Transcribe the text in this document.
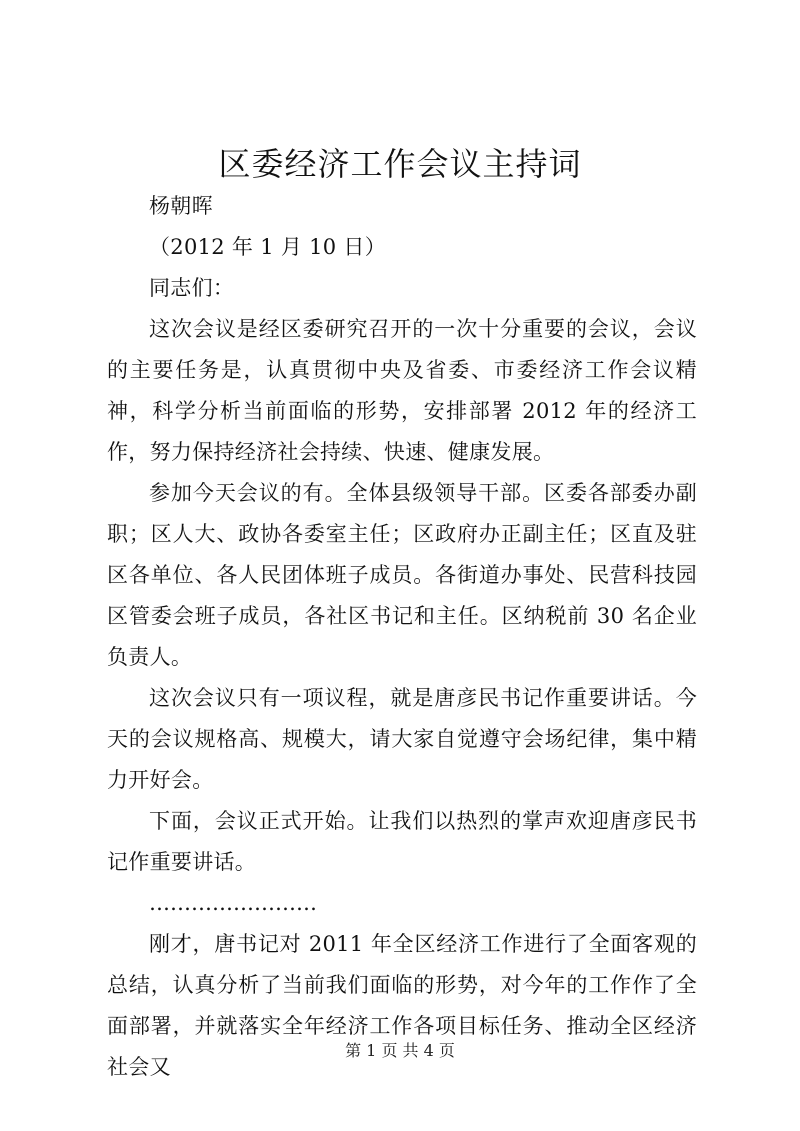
区委经济工作会议主持词

杨朝晖

（2012 年 1 月 10 日）

同志们：

这次会议是经区委研究召开的一次十分重要的会议，会议的主要任务是，认真贯彻中央及省委、市委经济工作会议精神，科学分析当前面临的形势，安排部署 2012 年的经济工作，努力保持经济社会持续、快速、健康发展。

参加今天会议的有。全体县级领导干部。区委各部委办副职；区人大、政协各委室主任；区政府办正副主任；区直及驻区各单位、各人民团体班子成员。各街道办事处、民营科技园区管委会班子成员，各社区书记和主任。区纳税前 30 名企业负责人。

这次会议只有一项议程，就是唐彦民书记作重要讲话。今天的会议规格高、规模大，请大家自觉遵守会场纪律，集中精力开好会。

下面，会议正式开始。让我们以热烈的掌声欢迎唐彦民书记作重要讲话。

……………………

刚才，唐书记对 2011 年全区经济工作进行了全面客观的总结，认真分析了当前我们面临的形势，对今年的工作作了全面部署，并就落实全年经济工作各项目标任务、推动全区经济社会又

第 1 页 共 4 页
